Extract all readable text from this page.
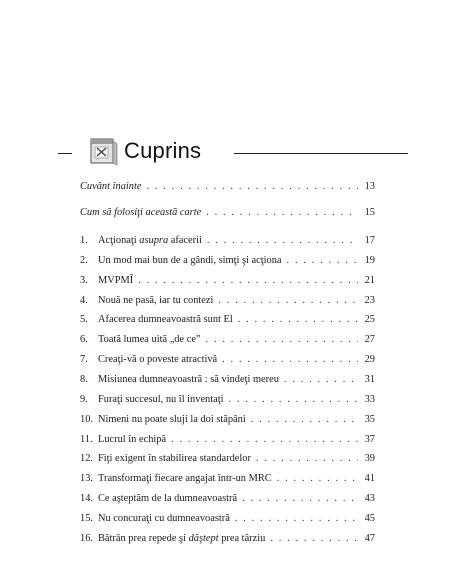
Cuprins
Cuvânt înainte . . .	13
Cum să folosiţi această carte . . .	15
1. Acţionaţi asupra afacerii . . .	17
2. Un mod mai bun de a gândi, simţi şi acţiona . . .	19
3. MVPMÎ . . .	21
4. Nouă ne pasă, iar tu contezi . . .	23
5. Afacerea dumneavoastră sunt El . . .	25
6. Toată lumea uită „de ce” . . .	27
7. Creaţi-vă o poveste atractivă . . .	29
8. Misiunea dumneavoastră : să vindeţi mereu . . .	31
9. Furaţi succesul, nu îl inventaţi . . .	33
10. Nimeni nu poate sluji la doi stăpâni . . .	35
11. Lucrul în echipă . . .	37
12. Fiţi exigent în stabilirea standardelor . . .	39
13. Transformaţi fiecare angajat într-un MRC . . .	41
14. Ce aşteptăm de la dumneavoastră . . .	43
15. Nu concuraţi cu dumneavoastră . . .	45
16. Bătrân prea repede şi dăştept prea târziu . . .	47
